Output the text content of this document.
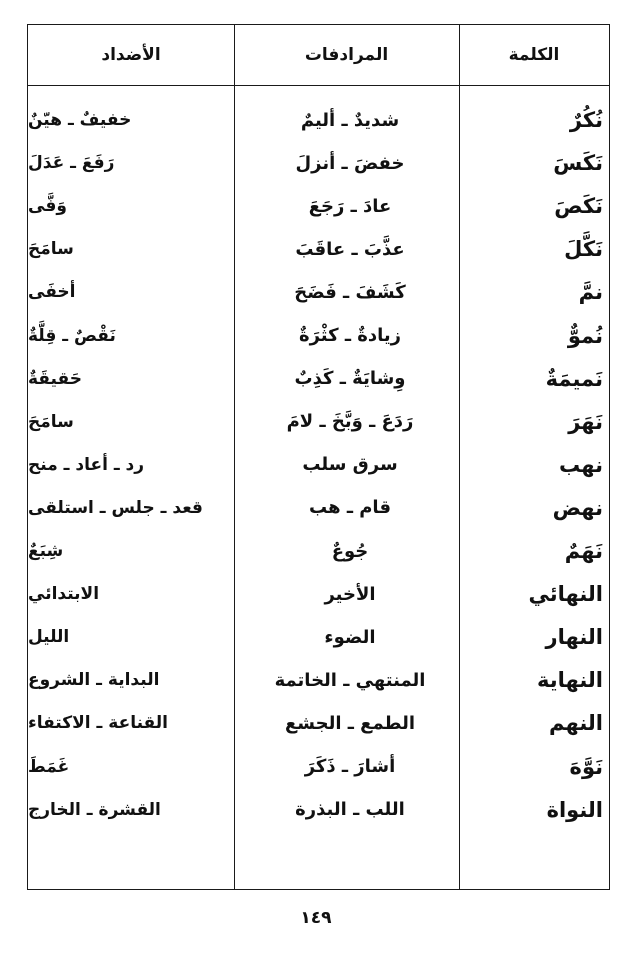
الكلمة
المرادفات
الأضداد
نُكُرٌ
شديدٌ ـ أليمٌ
خفيفٌ ـ هيّنٌ
نَكَسَ
خفضَ ـ أنزلَ
رَفَعَ ـ عَدَلَ
نَكَصَ
عادَ ـ رَجَعَ
وَفَّى
نَكَّلَ
عذَّبَ ـ عاقَبَ
سامَحَ
نمَّ
كَشَفَ ـ فَضَحَ
أخفَى
نُموٌّ
زيادةٌ ـ كثْرَةٌ
نَقْصٌ ـ قِلَّةٌ
نَميمَةٌ
وِشايَةٌ ـ كَذِبٌ
حَقيقَةٌ
نَهَرَ
رَدَعَ ـ وَبَّخَ ـ لامَ
سامَحَ
نهب
سرق سلب
رد ـ أعاد ـ منح
نهض
قام ـ هب
قعد ـ جلس ـ استلقى
نَهَمٌ
جُوعٌ
شِبَعٌ
النهائي
الأخير
الابتدائي
النهار
الضوء
الليل
النهاية
المنتهي ـ الخاتمة
البداية ـ الشروع
النهم
الطمع ـ الجشع
القناعة ـ الاكتفاء
نَوَّهَ
أشارَ ـ ذَكَرَ
غَمَطَ
النواة
اللب ـ البذرة
القشرة ـ الخارج
١٤٩
